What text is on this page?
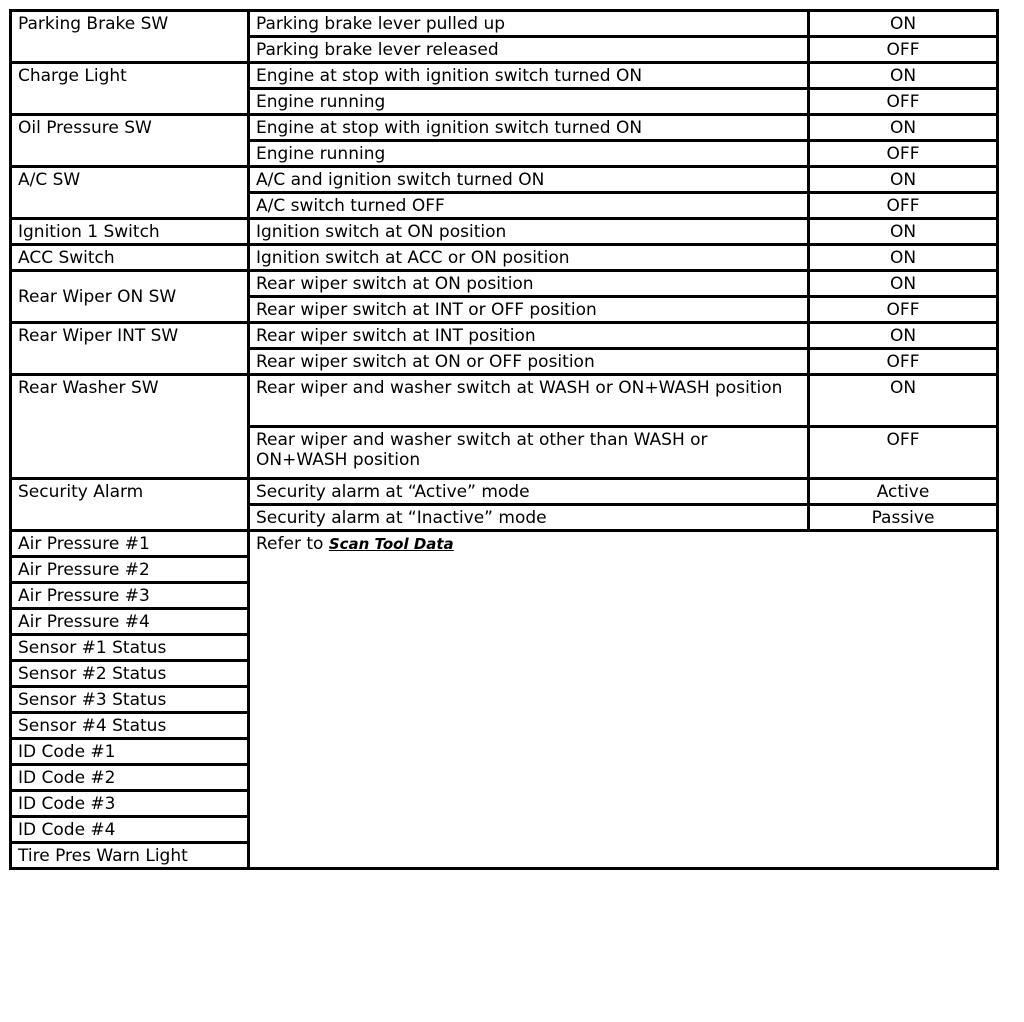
Parking Brake SW	Parking brake lever pulled up	ON
	Parking brake lever released	OFF
Charge Light	Engine at stop with ignition switch turned ON	ON
	Engine running	OFF
Oil Pressure SW	Engine at stop with ignition switch turned ON	ON
	Engine running	OFF
A/C SW	A/C and ignition switch turned ON	ON
	A/C switch turned OFF	OFF
Ignition 1 Switch	Ignition switch at ON position	ON
ACC Switch	Ignition switch at ACC or ON position	ON
Rear Wiper ON SW	Rear wiper switch at ON position	ON
	Rear wiper switch at INT or OFF position	OFF
Rear Wiper INT SW	Rear wiper switch at INT position	ON
	Rear wiper switch at ON or OFF position	OFF
Rear Washer SW	Rear wiper and washer switch at WASH or ON+WASH position	ON
	Rear wiper and washer switch at other than WASH or ON+WASH position	OFF
Security Alarm	Security alarm at “Active” mode	Active
	Security alarm at “Inactive” mode	Passive
Air Pressure #1	Refer to Scan Tool Data	
Air Pressure #2		
Air Pressure #3		
Air Pressure #4		
Sensor #1 Status		
Sensor #2 Status		
Sensor #3 Status		
Sensor #4 Status		
ID Code #1		
ID Code #2		
ID Code #3		
ID Code #4		
Tire Pres Warn Light		
